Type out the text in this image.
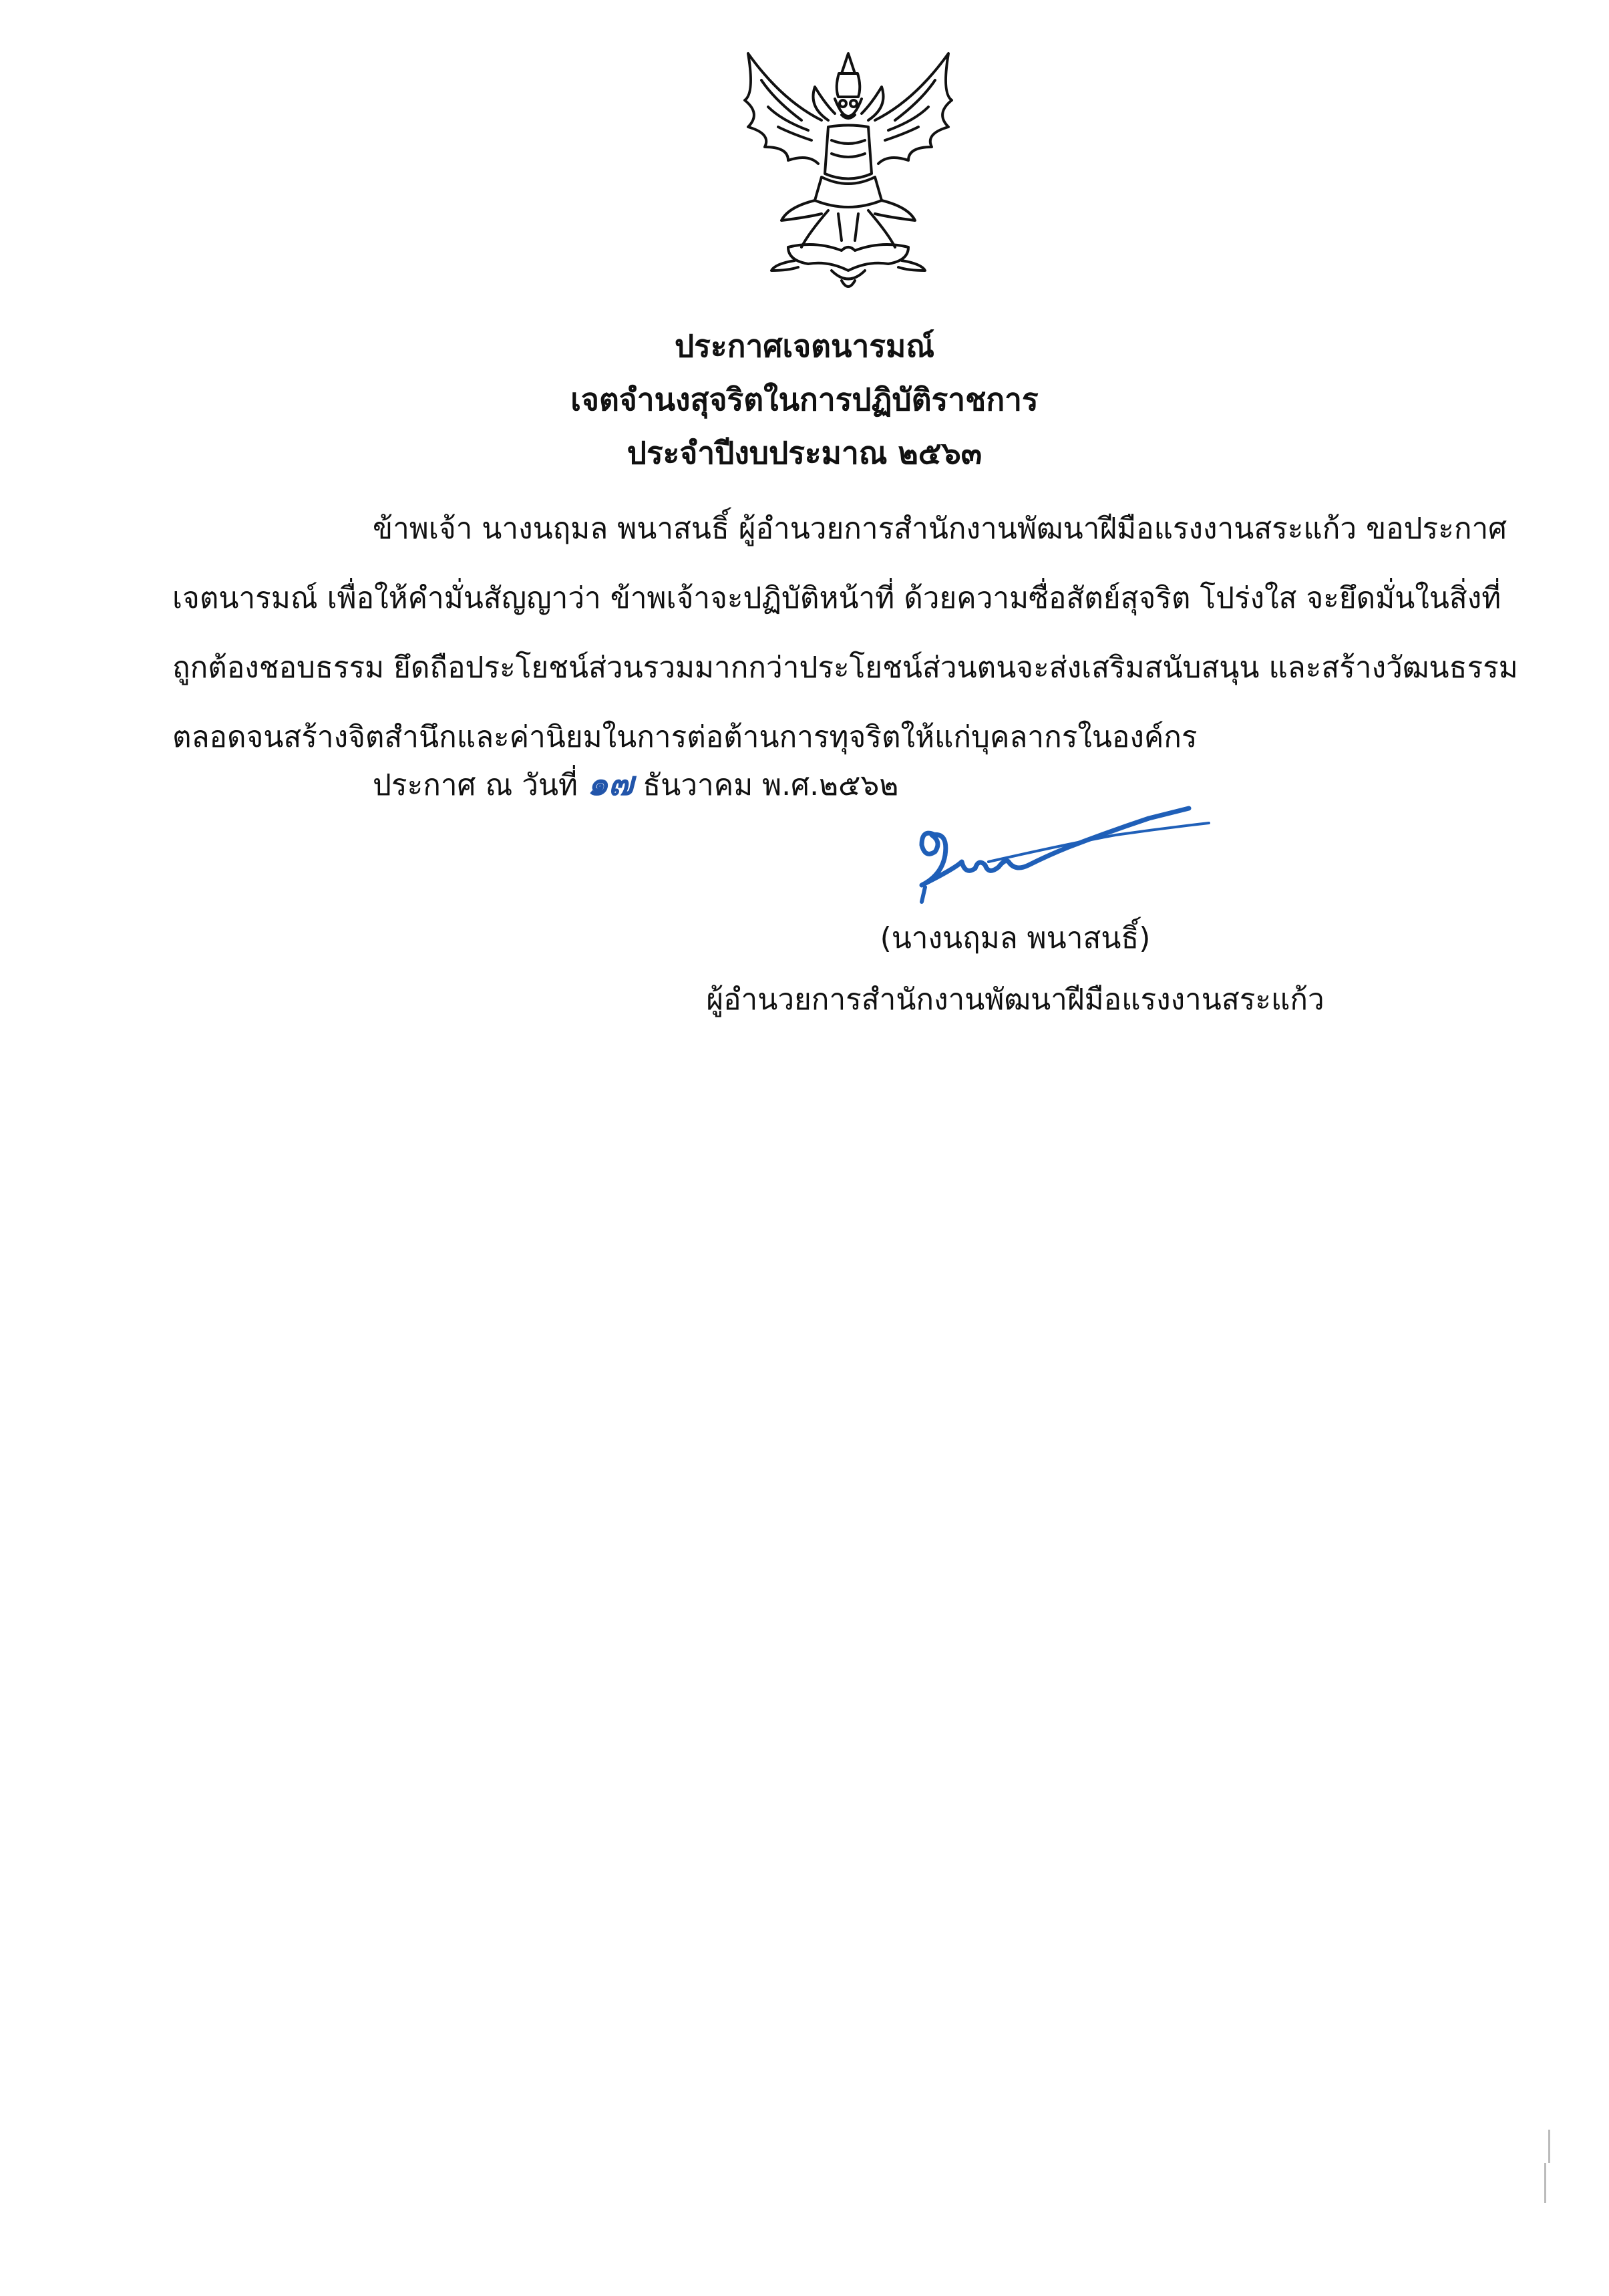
ประกาศเจตนารมณ์
เจตจำนงสุจริตในการปฏิบัติราชการ
ประจำปีงบประมาณ ๒๕๖๓
ข้าพเจ้า นางนฤมล พนาสนธิ์ ผู้อำนวยการสำนักงานพัฒนาฝีมือแรงงานสระแก้ว ขอประกาศ
เจตนารมณ์ เพื่อให้คำมั่นสัญญาว่า ข้าพเจ้าจะปฏิบัติหน้าที่ ด้วยความซื่อสัตย์สุจริต โปร่งใส จะยึดมั่นในสิ่งที่
ถูกต้องชอบธรรม ยึดถือประโยชน์ส่วนรวมมากกว่าประโยชน์ส่วนตนจะส่งเสริมสนับสนุน และสร้างวัฒนธรรม
ตลอดจนสร้างจิตสำนึกและค่านิยมในการต่อต้านการทุจริตให้แก่บุคลากรในองค์กร
ประกาศ ณ วันที่ ๑๗ ธันวาคม พ.ศ.๒๕๖๒
(นางนฤมล พนาสนธิ์)
ผู้อำนวยการสำนักงานพัฒนาฝีมือแรงงานสระแก้ว
